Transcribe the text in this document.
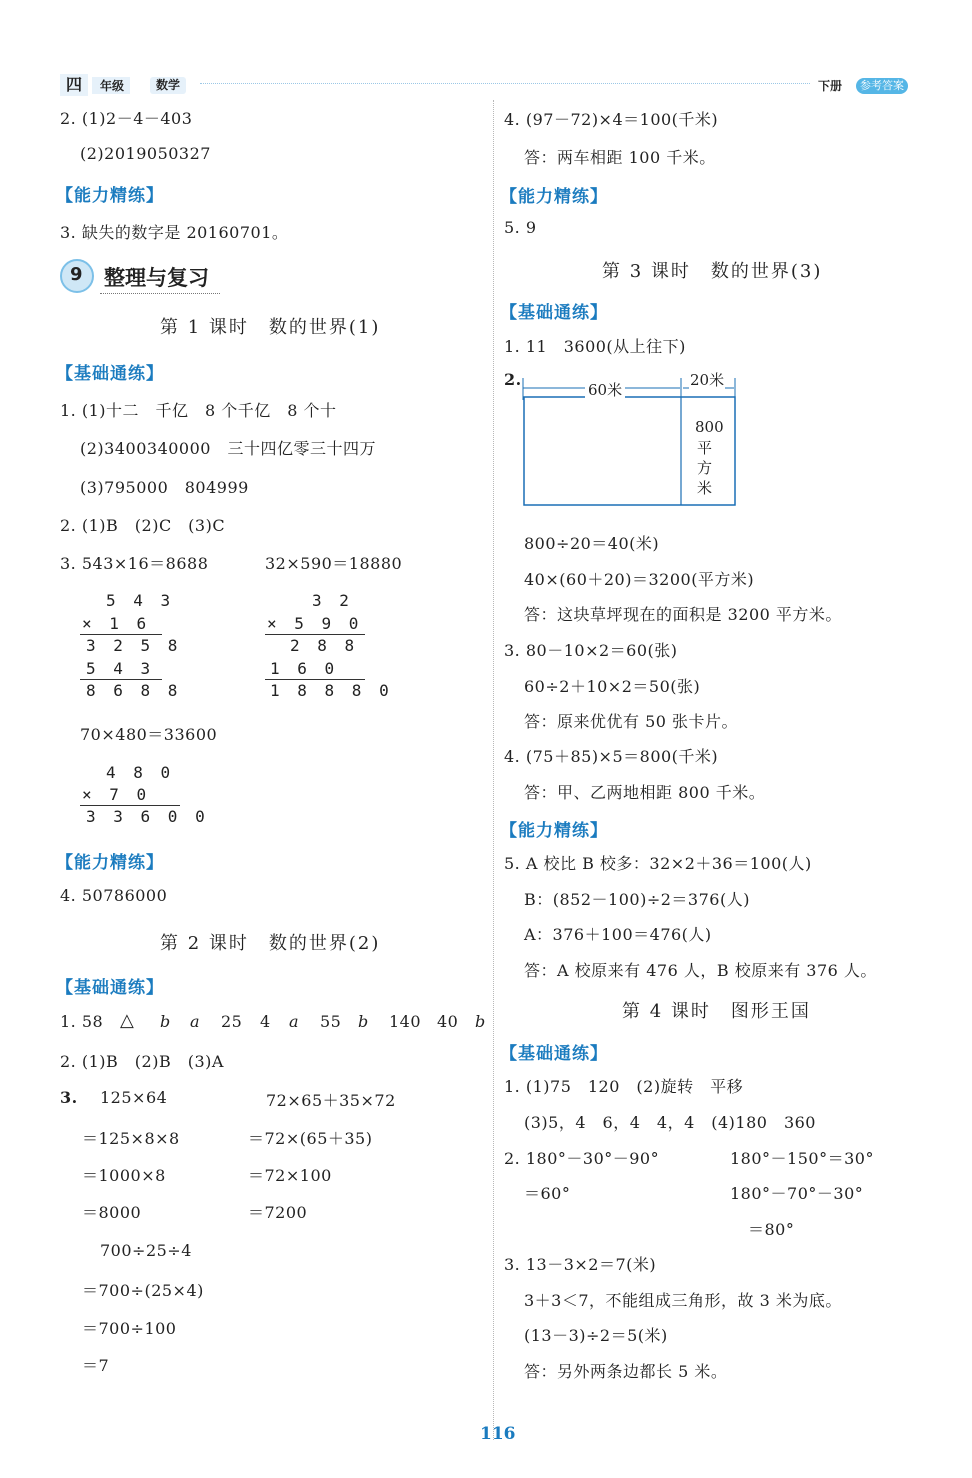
四	年级	数学	下册	参考答案
2. (1)2－4－403
(2)2019050327
【能力精练】
3. 缺失的数字是 20160701。
9 整理与复习
第 1 课时　数的世界(1)
【基础通练】
1. (1)十二　千亿　8 个千亿　8 个十
(2)3400340000　三十四亿零三十四万
(3)795000　804999
2. (1)B　(2)C　(3)C
3. 543×16＝8688	32×590＝18880
5 4 3
× 1 6
3 2 5 8
5 4 3
8 6 8 8
3 2
× 5 9 0
2 8 8
1 6 0
1 8 8 8 0
70×480＝33600
4 8 0
× 7 0
3 3 6 0 0
【能力精练】
4. 50786000
第 2 课时　数的世界(2)
【基础通练】
1. 58 △ b a 25 4 a 55 b 140 40 b
2. (1)B　(2)B　(3)A
3. 125×64
＝125×8×8
＝1000×8
＝8000
72×65＋35×72
＝72×(65＋35)
＝72×100
＝7200
700÷25÷4
＝700÷(25×4)
＝700÷100
＝7
4. (97－72)×4＝100(千米)
答：两车相距 100 千米。
【能力精练】
5. 9
第 3 课时　数的世界(3)
【基础通练】
1. 11　3600(从上往下)
2.
60米
20米
800
平
方
米
800÷20＝40(米)
40×(60＋20)＝3200(平方米)
答：这块草坪现在的面积是 3200 平方米。
3. 80－10×2＝60(张)
60÷2＋10×2＝50(张)
答：原来优优有 50 张卡片。
4. (75＋85)×5＝800(千米)
答：甲、乙两地相距 800 千米。
【能力精练】
5. A 校比 B 校多：32×2＋36＝100(人)
B：(852－100)÷2＝376(人)
A：376＋100＝476(人)
答：A 校原来有 476 人，B 校原来有 376 人。
第 4 课时　图形王国
【基础通练】
1. (1)75　120　(2)旋转　平移
(3)5，4　6，4　4，4　(4)180　360
2. 180°－30°－90°
＝60°
180°－150°＝30°
180°－70°－30°
＝80°
3. 13－3×2＝7(米)
3＋3＜7，不能组成三角形，故 3 米为底。
(13－3)÷2＝5(米)
答：另外两条边都长 5 米。
116
